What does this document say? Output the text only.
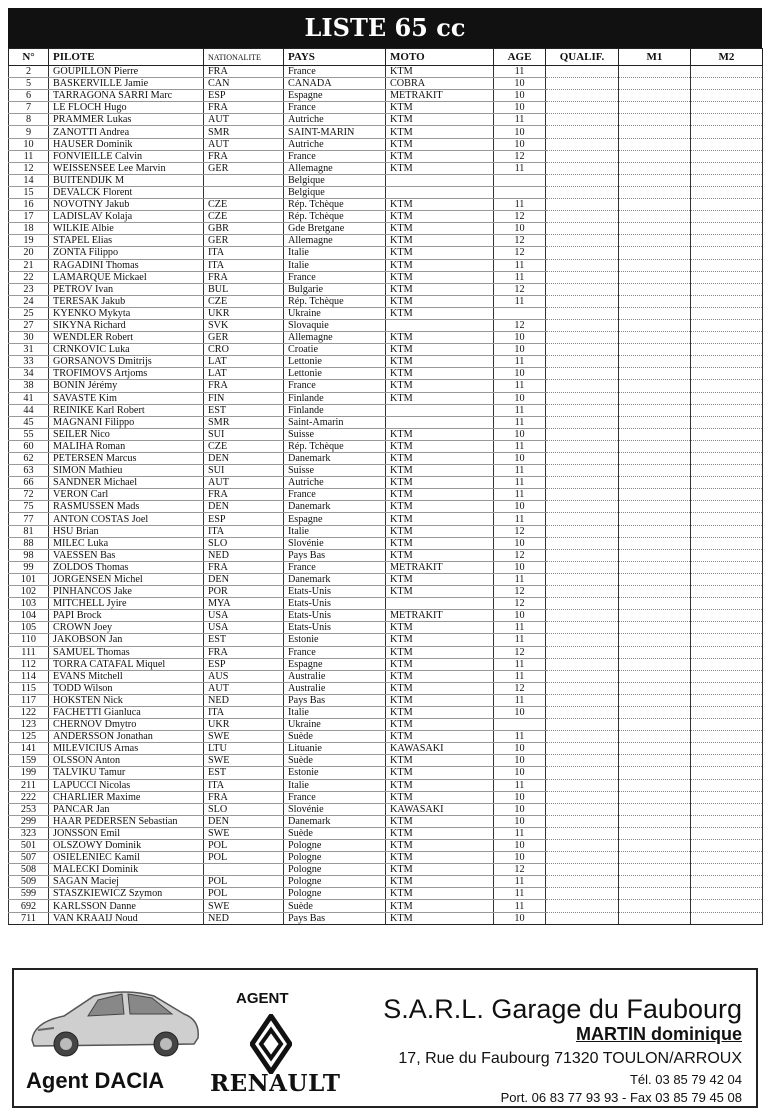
LISTE 65 cc
N°	PILOTE	NATIONALITE	PAYS	MOTO	AGE	QUALIF.	M1	M2
2	GOUPILLON Pierre	FRA	France	KTM	11			
5	BASKERVILLE Jamie	CAN	CANADA	COBRA	10			
6	TARRAGONA SARRI Marc	ESP	Espagne	METRAKIT	10			
7	LE FLOCH Hugo	FRA	France	KTM	10			
8	PRAMMER Lukas	AUT	Autriche	KTM	11			
9	ZANOTTI Andrea	SMR	SAINT-MARIN	KTM	10			
10	HAUSER Dominik	AUT	Autriche	KTM	10			
11	FONVIEILLE Calvin	FRA	France	KTM	12			
12	WEISSENSEE Lee Marvin	GER	Allemagne	KTM	11			
14	BUITENDIJK M		Belgique					
15	DEVALCK Florent		Belgique					
16	NOVOTNY Jakub	CZE	Rép. Tchèque	KTM	11			
17	LADISLAV Kolaja	CZE	Rép. Tchèque	KTM	12			
18	WILKIE Albie	GBR	Gde Bretgane	KTM	10			
19	STAPEL Elias	GER	Allemagne	KTM	12			
20	ZONTA Filippo	ITA	Italie	KTM	12			
21	RAGADINI Thomas	ITA	Italie	KTM	11			
22	LAMARQUE Mickael	FRA	France	KTM	11			
23	PETROV Ivan	BUL	Bulgarie	KTM	12			
24	TERESAK Jakub	CZE	Rép. Tchèque	KTM	11			
25	KYENKO Mykyta	UKR	Ukraine	KTM				
27	SIKYNA Richard	SVK	Slovaquie		12			
30	WENDLER Robert	GER	Allemagne	KTM	10			
31	CRNKOVIC Luka	CRO	Croatie	KTM	10			
33	GORSANOVS Dmitrijs	LAT	Lettonie	KTM	11			
34	TROFIMOVS Artjoms	LAT	Lettonie	KTM	10			
38	BONIN Jérémy	FRA	France	KTM	11			
41	SAVASTE Kim	FIN	Finlande	KTM	10			
44	REINIKE Karl Robert	EST	Finlande		11			
45	MAGNANI Filippo	SMR	Saint-Amarin		11			
55	SEILER Nico	SUI	Suisse	KTM	10			
60	MALIHA Roman	CZE	Rép. Tchèque	KTM	11			
62	PETERSEN Marcus	DEN	Danemark	KTM	10			
63	SIMON Mathieu	SUI	Suisse	KTM	11			
66	SANDNER Michael	AUT	Autriche	KTM	11			
72	VERON Carl	FRA	France	KTM	11			
75	RASMUSSEN Mads	DEN	Danemark	KTM	10			
77	ANTON COSTAS Joel	ESP	Espagne	KTM	11			
81	HSU Brian	ITA	Italie	KTM	12			
88	MILEC Luka	SLO	Slovénie	KTM	10			
98	VAESSEN Bas	NED	Pays Bas	KTM	12			
99	ZOLDOS Thomas	FRA	France	METRAKIT	10			
101	JORGENSEN Michel	DEN	Danemark	KTM	11			
102	PINHANCOS Jake	POR	Etats-Unis	KTM	12			
103	MITCHELL Jyire	MYA	Etats-Unis		12			
104	PAPI Brock	USA	Etats-Unis	METRAKIT	10			
105	CROWN Joey	USA	Etats-Unis	KTM	11			
110	JAKOBSON Jan	EST	Estonie	KTM	11			
111	SAMUEL Thomas	FRA	France	KTM	12			
112	TORRA CATAFAL Miquel	ESP	Espagne	KTM	11			
114	EVANS Mitchell	AUS	Australie	KTM	11			
115	TODD Wilson	AUT	Australie	KTM	12			
117	HOKSTEN Nick	NED	Pays Bas	KTM	11			
122	FACHETTI Gianluca	ITA	Italie	KTM	10			
123	CHERNOV Dmytro	UKR	Ukraine	KTM				
125	ANDERSSON Jonathan	SWE	Suède	KTM	11			
141	MILEVICIUS Arnas	LTU	Lituanie	KAWASAKI	10			
159	OLSSON Anton	SWE	Suède	KTM	10			
199	TALVIKU Tamur	EST	Estonie	KTM	10			
211	LAPUCCI Nicolas	ITA	Italie	KTM	11			
222	CHARLIER Maxime	FRA	France	KTM	10			
253	PANCAR Jan	SLO	Slovénie	KAWASAKI	10			
299	HAAR PEDERSEN Sebastian	DEN	Danemark	KTM	10			
323	JONSSON Emil	SWE	Suède	KTM	11			
501	OLSZOWY Dominik	POL	Pologne	KTM	10			
507	OSIELENIEC Kamil	POL	Pologne	KTM	10			
508	MALECKI Dominik		Pologne	KTM	12			
509	SAGAN Maciej	POL	Pologne	KTM	11			
599	STASZKIEWICZ Szymon	POL	Pologne	KTM	11			
692	KARLSSON Danne	SWE	Suède	KTM	11			
711	VAN KRAAIJ Noud	NED	Pays Bas	KTM	10			
Agent DACIA
AGENT
RENAULT
S.A.R.L. Garage du Faubourg
MARTIN dominique
17, Rue du Faubourg 71320 TOULON/ARROUX
Tél. 03 85 79 42 04
Port. 06 83 77 93 93 - Fax 03 85 79 45 08
